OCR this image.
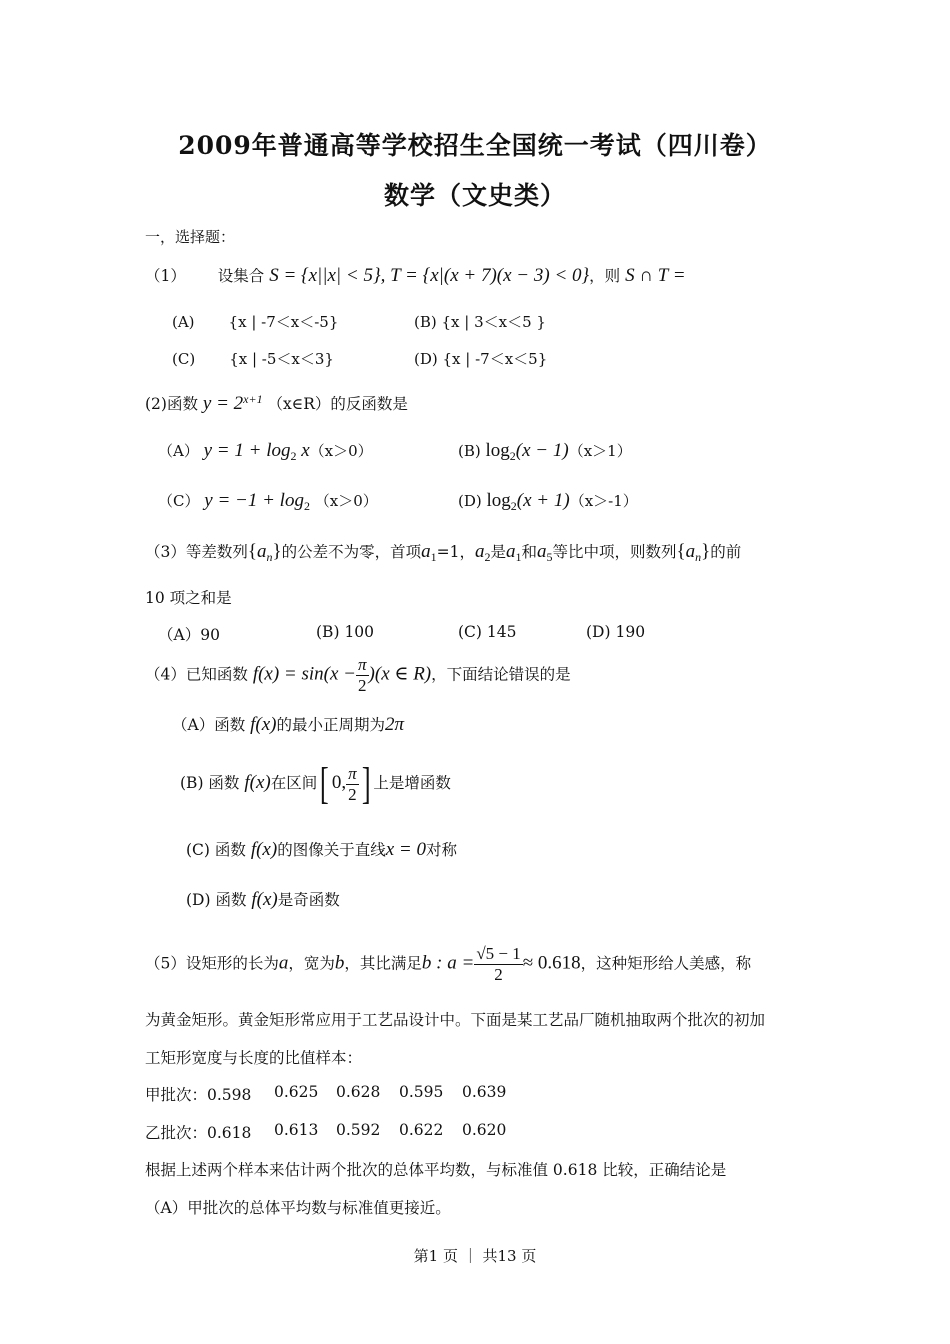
2009年普通高等学校招生全国统一考试（四川卷）
数学（文史类）
一，选择题：
（1） 设集合 S = {x||x| < 5}, T = {x|(x + 7)(x − 3) < 0}，则 S ∩ T =
(A) {x | -7＜x＜-5}	(B) {x | 3＜x＜5 }
(C) {x | -5＜x＜3}	(D) {x | -7＜x＜5}
(2)函数 $y = 2^{x+1}$ （x∈R）的反函数是
（A） $y = 1 + \log_2 x(x>0)$	(B) $\log_2(x - 1)(x>1)$
（C） $y = -1 + \log_2 (x>0)$	(D) $\log_2(x + 1)(x>-1)$
（3）等差数列$\{a_n\}$的公差不为零，首项$a_1=1$，$a_2$是$a_1$和$a_5$等比中项，则数列$\{a_n\}$的前
10 项之和是
（A）90	(B) 100	(C) 145	(D) 190
（4）已知函数 $f(x) = \sin(x - \frac{\pi}{2} )(x$ ∈ R)，下面结论错误的是
（A）函数 f(x)的最小正周期为2π
(B) 函数 f(x)在区间[ 0, $\frac{\pi}{2}$ ] 上是增函数
(C) 函数 f(x)的图像关于直线x = 0对称
(D) 函数 f(x)是奇函数
（5）设矩形的长为a，宽为b，其比满足b : $a = \frac{√5 - 1}{2} \approx 0.618$，这种矩形给人美感，称
为黄金矩形。黄金矩形常应用于工艺品设计中。下面是某工艺品厂随机抽取两个批次的初加
工矩形宽度与长度的比值样本：
甲批次：0.598 0.625 0.628 0.595 0.639
乙批次：0.618 0.613 0.592 0.622 0.620
根据上述两个样本来估计两个批次的总体平均数，与标准值 0.618 比较，正确结论是
（A）甲批次的总体平均数与标准值更接近。
第1 页 ｜ 共13 页
